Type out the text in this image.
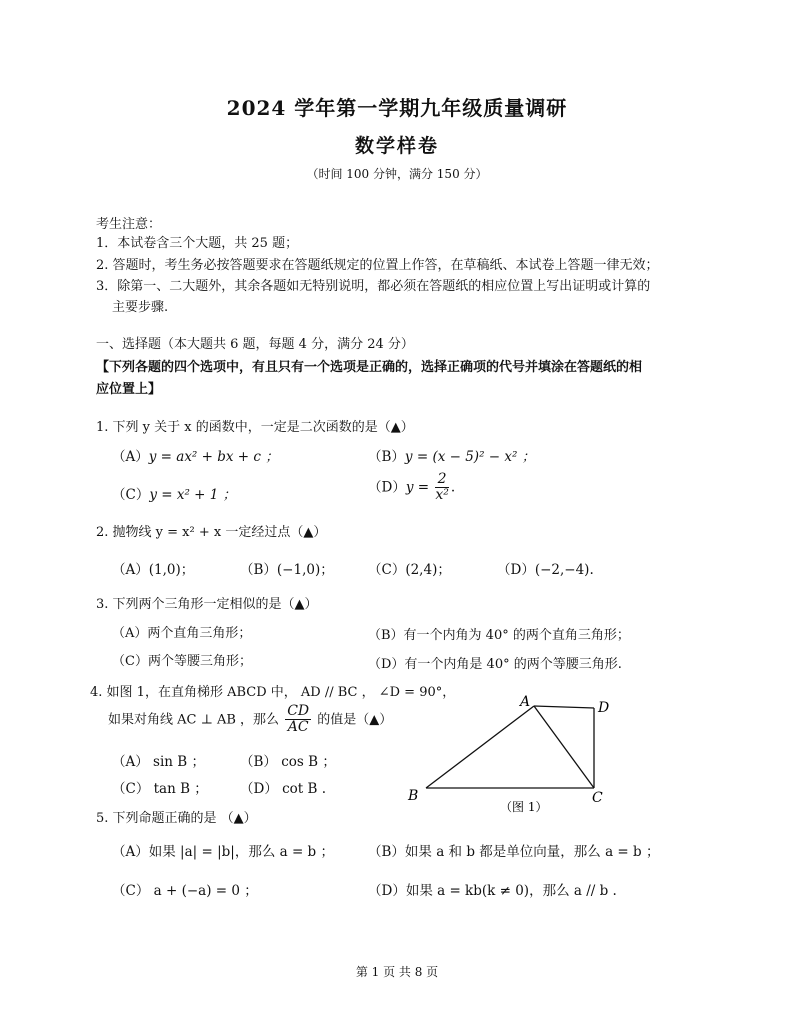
2024 学年第一学期九年级质量调研
数学样卷
（时间 100 分钟，满分 150 分）
考生注意：
1．本试卷含三个大题，共 25 题；
2. 答题时，考生务必按答题要求在答题纸规定的位置上作答，在草稿纸、本试卷上答题一律无效；
3．除第一、二大题外，其余各题如无特别说明，都必须在答题纸的相应位置上写出证明或计算的
主要步骤.
一、选择题（本大题共 6 题，每题 4 分，满分 24 分）
【下列各题的四个选项中，有且只有一个选项是正确的，选择正确项的代号并填涂在答题纸的相
应位置上】
1. 下列 y 关于 x 的函数中，一定是二次函数的是（▲）
（A）y = ax² + bx + c ；	（B）y = (x − 5)² − x² ；
（C）y = x² + 1 ；	$(D)y = \frac{2}{\text{x²}}$ .
2. 抛物线 y = x² + x 一定经过点（▲）
（A）(1,0)；	（B）(−1,0)；	（C）(2,4)；	（D）(−2,−4).
3. 下列两个三角形一定相似的是（▲）
（A）两个直角三角形；	（B）有一个内角为 40° 的两个直角三角形；
（C）两个等腰三角形；	（D）有一个内角是 40° 的两个等腰三角形.
4. 如图 1，在直角梯形 ABCD 中， AD // BC ， ∠D = 90°，
如果对角线 AC ⊥ AB ，那么 $\frac{CD}{AC}$ 的值是（▲）
（A） sin B ；	（B） cos B ；
（C） tan B ； （D） cot B .
A
B	C
D
（图 1）
5. 下列命题正确的是 （▲）
（A）如果 |a| = |b|，那么 a = b ；	（B）如果 a 和 b 都是单位向量，那么 a = b ；
（C） a + (−a) = 0 ；	（D）如果 a = kb(k ≠ 0)，那么 a // b .
第 1 页 共 8 页
